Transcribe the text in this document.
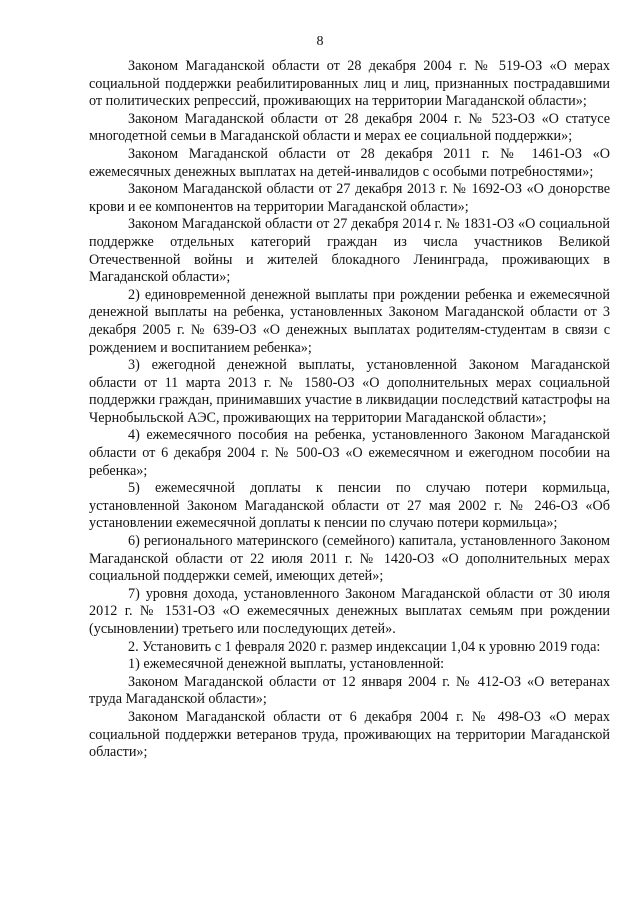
8

Законом Магаданской области от 28 декабря 2004 г. № 519-ОЗ «О мерах социальной поддержки реабилитированных лиц и лиц, признанных пострадавшими от политических репрессий, проживающих на территории Магаданской области»;

Законом Магаданской области от 28 декабря 2004 г. № 523-ОЗ «О статусе многодетной семьи в Магаданской области и мерах ее социальной поддержки»;

Законом Магаданской области от 28 декабря 2011 г. № 1461-ОЗ «О ежемесячных денежных выплатах на детей-инвалидов с особыми потребностями»;

Законом Магаданской области от 27 декабря 2013 г. № 1692-ОЗ «О донорстве крови и ее компонентов на территории Магаданской области»;

Законом Магаданской области от 27 декабря 2014 г. № 1831-ОЗ «О социальной поддержке отдельных категорий граждан из числа участников Великой Отечественной войны и жителей блокадного Ленинграда, проживающих в Магаданской области»;

2) единовременной денежной выплаты при рождении ребенка и ежемесячной денежной выплаты на ребенка, установленных Законом Магаданской области от 3 декабря 2005 г. № 639-ОЗ «О денежных выплатах родителям-студентам в связи с рождением и воспитанием ребенка»;

3) ежегодной денежной выплаты, установленной Законом Магаданской области от 11 марта 2013 г. № 1580-ОЗ «О дополнительных мерах социальной поддержки граждан, принимавших участие в ликвидации последствий катастрофы на Чернобыльской АЭС, проживающих на территории Магаданской области»;

4) ежемесячного пособия на ребенка, установленного Законом Магаданской области от 6 декабря 2004 г. № 500-ОЗ «О ежемесячном и ежегодном пособии на ребенка»;

5) ежемесячной доплаты к пенсии по случаю потери кормильца, установленной Законом Магаданской области от 27 мая 2002 г. № 246-ОЗ «Об установлении ежемесячной доплаты к пенсии по случаю потери кормильца»;

6) регионального материнского (семейного) капитала, установленного Законом Магаданской области от 22 июля 2011 г. № 1420-ОЗ «О дополнительных мерах социальной поддержки семей, имеющих детей»;

7) уровня дохода, установленного Законом Магаданской области от 30 июля 2012 г. № 1531-ОЗ «О ежемесячных денежных выплатах семьям при рождении (усыновлении) третьего или последующих детей».

2. Установить с 1 февраля 2020 г. размер индексации 1,04 к уровню 2019 года:

1) ежемесячной денежной выплаты, установленной:

Законом Магаданской области от 12 января 2004 г. № 412-ОЗ «О ветеранах труда Магаданской области»;

Законом Магаданской области от 6 декабря 2004 г. № 498-ОЗ «О мерах социальной поддержки ветеранов труда, проживающих на территории Магаданской области»;
